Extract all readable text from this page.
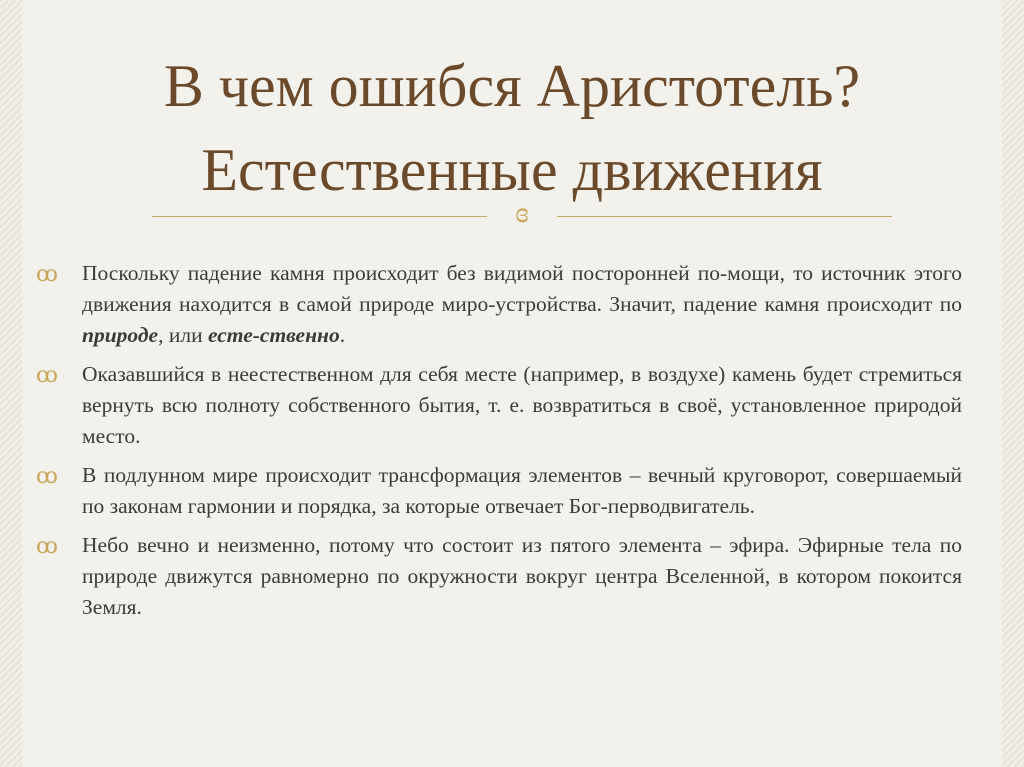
В чем ошибся Аристотель?
Естественные движения
ɞ
ꝏ Поскольку падение камня происходит без видимой посторонней по-мощи, то источник этого движения находится в самой природе миро-устройства. Значит, падение камня происходит по природе, или есте-ственно.
ꝏ Оказавшийся в неестественном для себя месте (например, в воздухе) камень будет стремиться вернуть всю полноту собственного бытия, т. е. возвратиться в своё, установленное природой место.
ꝏ В подлунном мире происходит трансформация элементов – вечный круговорот, совершаемый по законам гармонии и порядка, за которые отвечает Бог-перводвигатель.
ꝏ Небо вечно и неизменно, потому что состоит из пятого элемента – эфира. Эфирные тела по природе движутся равномерно по окружности вокруг центра Вселенной, в котором покоится Земля.
